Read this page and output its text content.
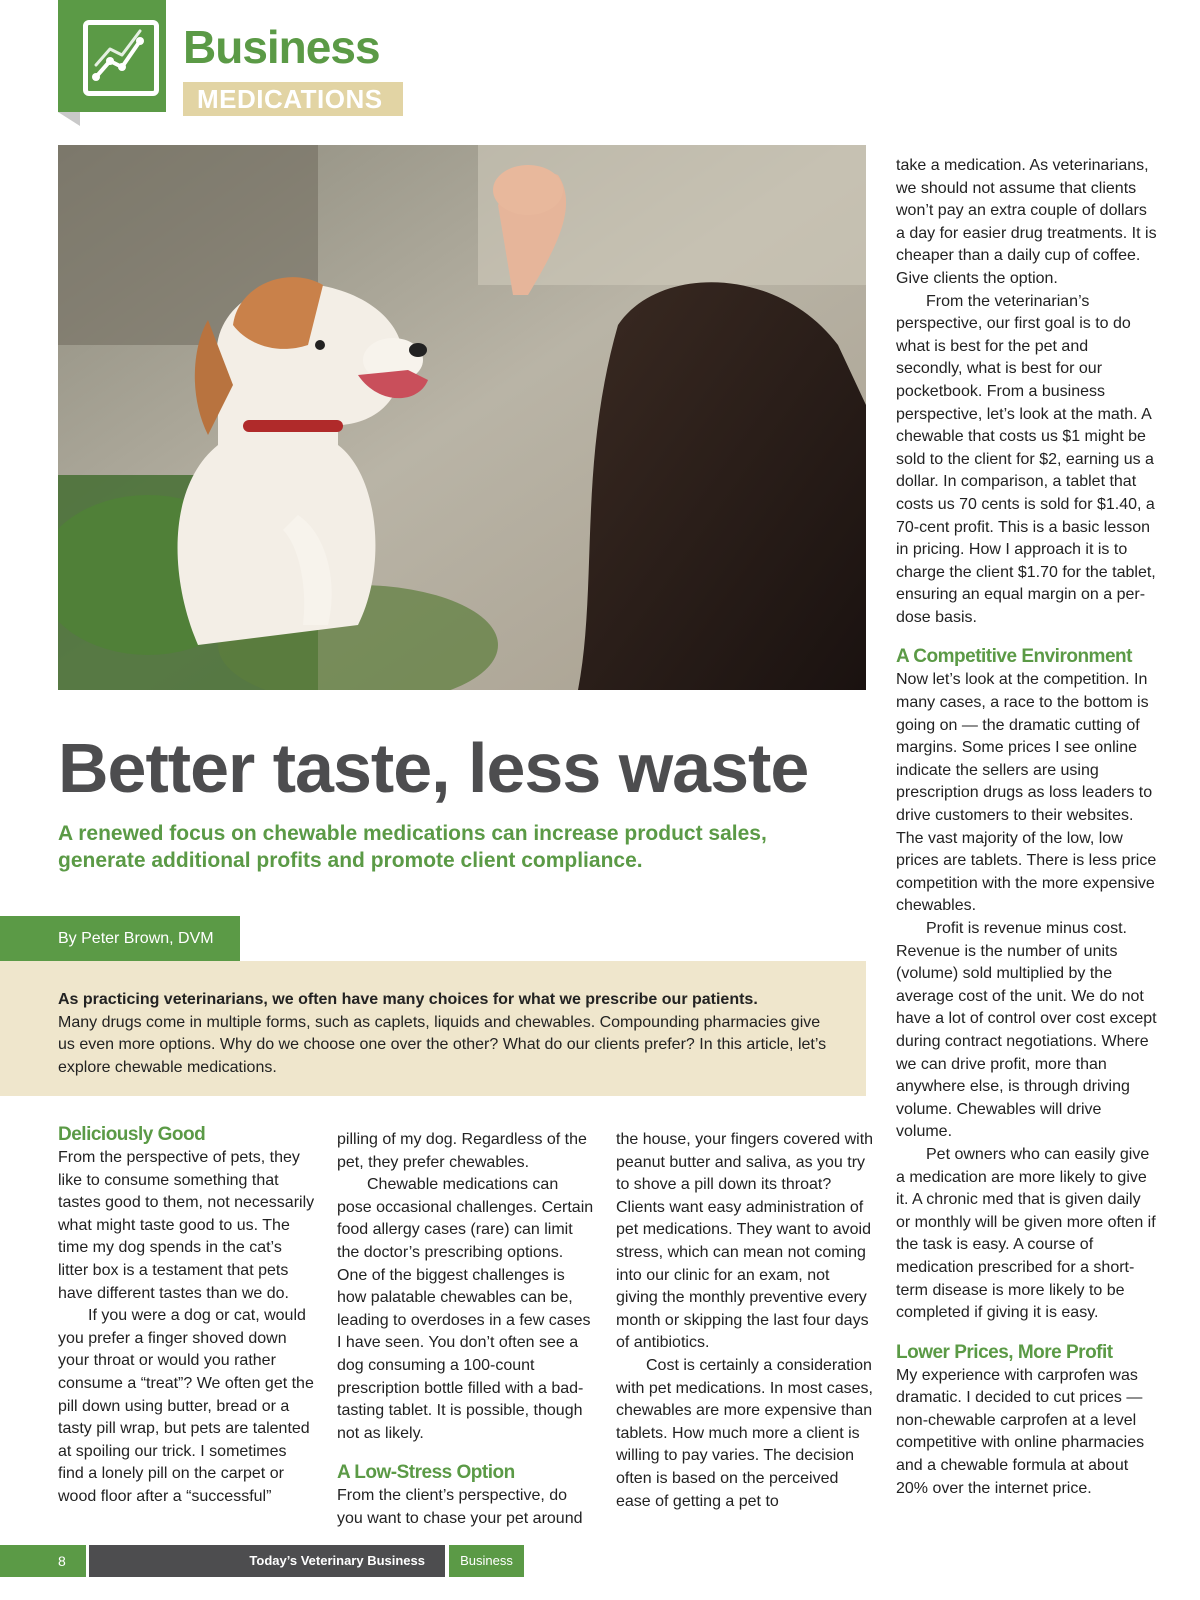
Business
MEDICATIONS
Better taste, less waste
A renewed focus on chewable medications can increase product sales, generate additional profits and promote client compliance.
By Peter Brown, DVM
As practicing veterinarians, we often have many choices for what we prescribe our patients.
Many drugs come in multiple forms, such as caplets, liquids and chewables. Compounding pharmacies give us even more options. Why do we choose one over the other? What do our clients prefer? In this article, let’s explore chewable medications.
Deliciously Good

From the perspective of pets, they like to consume something that tastes good to them, not necessarily what might taste good to us. The time my dog spends in the cat’s litter box is a testament that pets have different tastes than we do.

If you were a dog or cat, would you prefer a finger shoved down your throat or would you rather consume a “treat”? We often get the pill down using butter, bread or a tasty pill wrap, but pets are talented at spoiling our trick. I sometimes find a lonely pill on the carpet or wood floor after a “successful”

pilling of my dog. Regardless of the pet, they prefer chewables.

Chewable medications can pose occasional challenges. Certain food allergy cases (rare) can limit the doctor’s prescribing options. One of the biggest challenges is how palatable chewables can be, leading to overdoses in a few cases I have seen. You don’t often see a dog consuming a 100-count prescription bottle filled with a bad-tasting tablet. It is possible, though not as likely.

A Low-Stress Option

From the client’s perspective, do you want to chase your pet around

the house, your fingers covered with peanut butter and saliva, as you try to shove a pill down its throat? Clients want easy administration of pet medications. They want to avoid stress, which can mean not coming into our clinic for an exam, not giving the monthly preventive every month or skipping the last four days of antibiotics.

Cost is certainly a consideration with pet medications. In most cases, chewables are more expensive than tablets. How much more a client is willing to pay varies. The decision often is based on the perceived ease of getting a pet to

take a medication. As veterinarians, we should not assume that clients won’t pay an extra couple of dollars a day for easier drug treatments. It is cheaper than a daily cup of coffee. Give clients the option.

From the veterinarian’s perspective, our first goal is to do what is best for the pet and secondly, what is best for our pocketbook. From a business perspective, let’s look at the math. A chewable that costs us $1 might be sold to the client for $2, earning us a dollar. In comparison, a tablet that costs us 70 cents is sold for $1.40, a 70-cent profit. This is a basic lesson in pricing. How I approach it is to charge the client $1.70 for the tablet, ensuring an equal margin on a per-dose basis.

A Competitive Environment

Now let’s look at the competition. In many cases, a race to the bottom is going on — the dramatic cutting of margins. Some prices I see online indicate the sellers are using prescription drugs as loss leaders to drive customers to their websites. The vast majority of the low, low prices are tablets. There is less price competition with the more expensive chewables.

Profit is revenue minus cost. Revenue is the number of units (volume) sold multiplied by the average cost of the unit. We do not have a lot of control over cost except during contract negotiations. Where we can drive profit, more than anywhere else, is through driving volume. Chewables will drive volume.

Pet owners who can easily give a medication are more likely to give it. A chronic med that is given daily or monthly will be given more often if the task is easy. A course of medication prescribed for a short-term disease is more likely to be completed if giving it is easy.

Lower Prices, More Profit

My experience with carprofen was dramatic. I decided to cut prices — non-chewable carprofen at a level competitive with online pharmacies and a chewable formula at about 20% over the internet price.

8	Today’s Veterinary Business	Business
